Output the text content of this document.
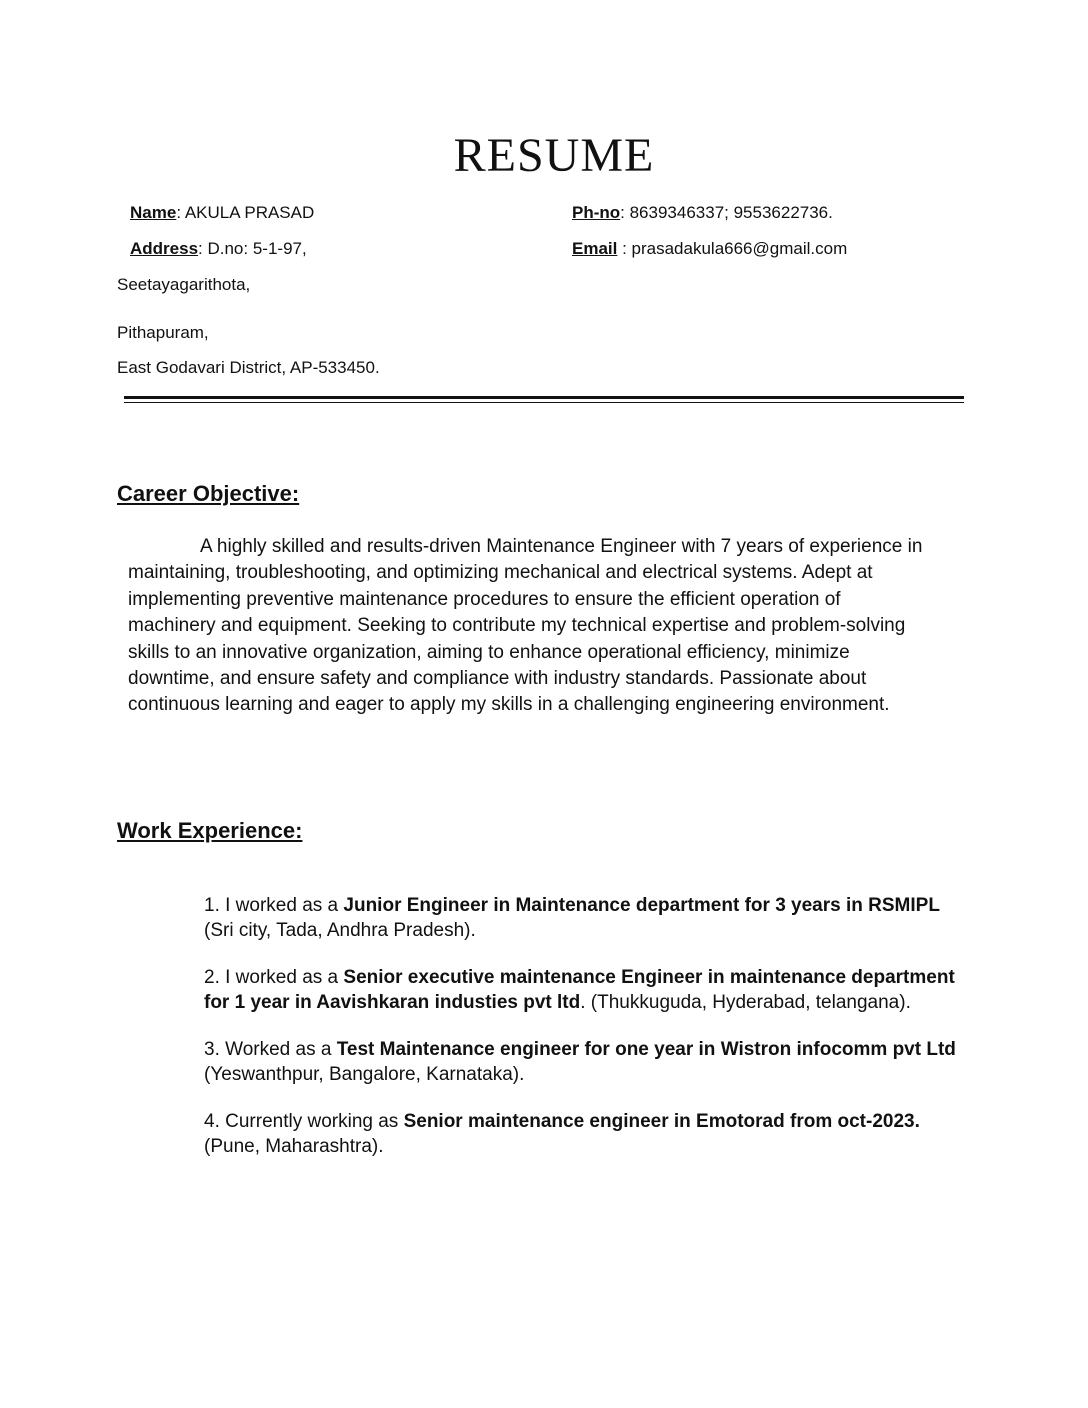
RESUME
Name: AKULA PRASAD	Ph-no: 8639346337; 9553622736.
Address: D.no: 5-1-97,	Email : prasadakula666@gmail.com
Seetayagarithota,
Pithapuram,
East Godavari District, AP-533450.
Career Objective:

A highly skilled and results-driven Maintenance Engineer with 7 years of experience in maintaining, troubleshooting, and optimizing mechanical and electrical systems. Adept at implementing preventive maintenance procedures to ensure the efficient operation of machinery and equipment. Seeking to contribute my technical expertise and problem-solving skills to an innovative organization, aiming to enhance operational efficiency, minimize downtime, and ensure safety and compliance with industry standards. Passionate about continuous learning and eager to apply my skills in a challenging engineering environment.

Work Experience:
1. I worked as a Junior Engineer in Maintenance department for 3 years in RSMIPL (Sri city, Tada, Andhra Pradesh).
2. I worked as a Senior executive maintenance Engineer in maintenance department for 1 year in Aavishkaran industies pvt ltd. (Thukkuguda, Hyderabad, telangana).
3. Worked as a Test Maintenance engineer for one year in Wistron infocomm pvt Ltd (Yeswanthpur, Bangalore, Karnataka).
4. Currently working as Senior maintenance engineer in Emotorad from oct-2023. (Pune, Maharashtra).
